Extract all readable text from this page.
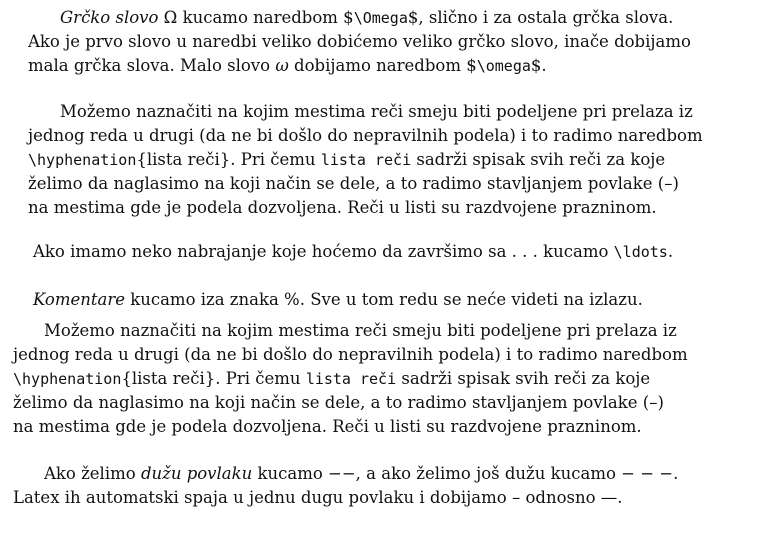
Grčko slovo Ω kucamo naredbom $\Omega$, slično i za ostala grčka slova.
Ako je prvo slovo u naredbi veliko dobićemo veliko grčko slovo, inače dobijamo
mala grčka slova. Malo slovo ω dobijamo naredbom $\omega$.
Možemo naznačiti na kojim mestima reči smeju biti podeljene pri prelaza iz
jednog reda u drugi (da ne bi došlo do nepravilnih podela) i to radimo naredbom
\hyphenation{lista reči}. Pri čemu lista reči sadrži spisak svih reči za koje
želimo da naglasimo na koji način se dele, a to radimo stavljanjem povlake (–)
na mestima gde je podela dozvoljena. Reči u listi su razdvojene prazninom.
Ako imamo neko nabrajanje koje hoćemo da završimo sa . . . kucamo \ldots.
Komentare kucamo iza znaka %. Sve u tom redu se neće videti na izlazu.
Možemo naznačiti na kojim mestima reči smeju biti podeljene pri prelaza iz
jednog reda u drugi (da ne bi došlo do nepravilnih podela) i to radimo naredbom
\hyphenation{lista reči}. Pri čemu lista reči sadrži spisak svih reči za koje
želimo da naglasimo na koji način se dele, a to radimo stavljanjem povlake (–)
na mestima gde je podela dozvoljena. Reči u listi su razdvojene prazninom.
Ako želimo dužu povlaku kucamo −−, a ako želimo još dužu kucamo − − −.
Latex ih automatski spaja u jednu dugu povlaku i dobijamo – odnosno —.
